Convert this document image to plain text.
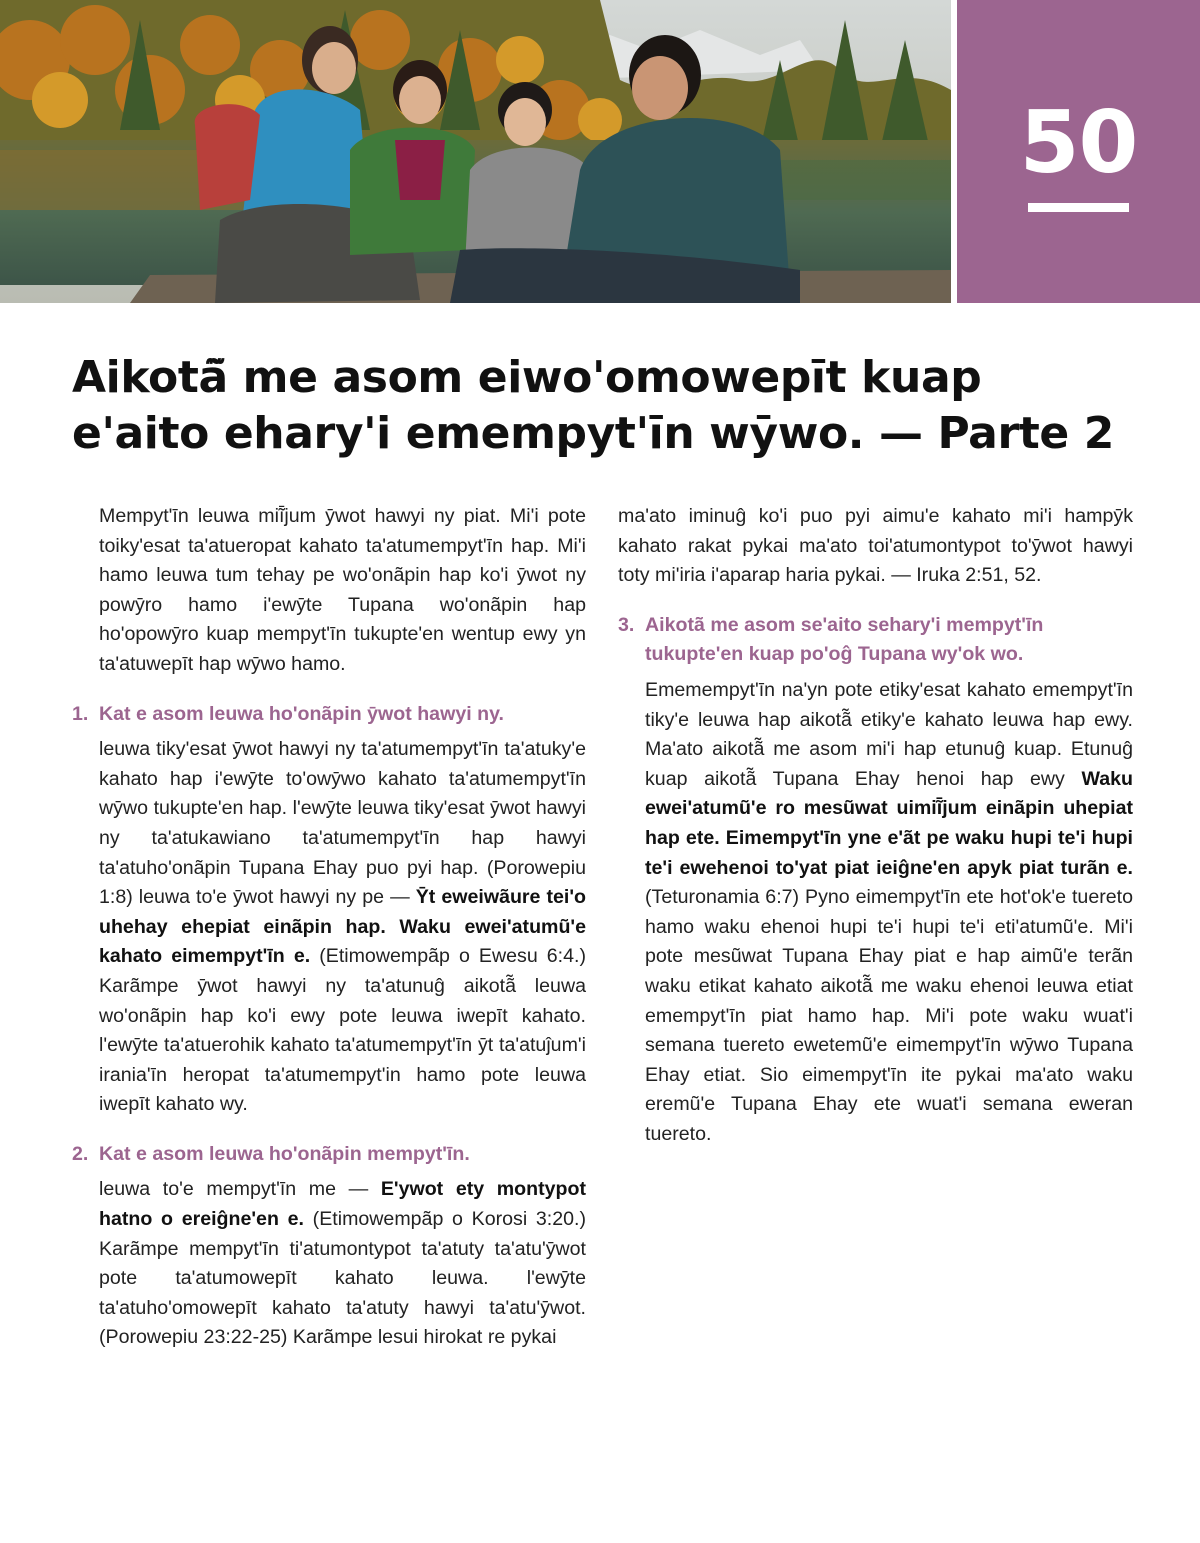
50
Aikotã̃ me asom eiwo'omowepīt kuap
e'aito ehary'i emempyt'īn wȳwo. — Parte 2

Mempyt'īn leuwa miĩ̄jum ȳwot hawyi ny piat. Mi'i pote toiky'esat ta'atueropat kahato ta'atumempyt'īn hap. Mi'i hamo leuwa tum tehay pe wo'onãpin hap ko'i ȳwot ny powȳro hamo i'ewȳte Tupana wo'onãpin hap ho'opowȳro kuap mempyt'īn tukupte'en wentup ewy yn ta'atuwepīt hap wȳwo hamo.

1. Kat e asom leuwa ho'onãpin ȳwot hawyi ny.

leuwa tiky'esat ȳwot hawyi ny ta'atumempyt'īn ta'atuky'e kahato hap i'ewȳte to'owȳwo kahato ta'atumempyt'īn wȳwo tukupte'en hap. l'ewȳte leuwa tiky'esat ȳwot hawyi ny ta'atukawiano ta'atumempyt'īn hap hawyi ta'atuho'onãpin Tupana Ehay puo pyi hap. (Porowepiu 1:8) leuwa to'e ȳwot hawyi ny pe — Ȳt eweiwãure tei'o uhehay ehepiat einãpin hap. Waku ewei'atumũ'e kahato eimempyt'īn e. (Etimowempãp o Ewesu 6:4.) Karãmpe ȳwot hawyi ny ta'atunuĝ aikotã̃ leuwa wo'onãpin hap ko'i ewy pote leuwa iwepīt kahato. l'ewȳte ta'atuerohik kahato ta'atumempyt'īn ȳt ta'atuĵum'i irania'īn heropat ta'atumempyt'in hamo pote leuwa iwepīt kahato wy.

2. Kat e asom leuwa ho'onãpin mempyt'īn.

leuwa to'e mempyt'īn me — E'ywot ety montypot hatno o ereiĝne'en e. (Etimowempãp o Korosi 3:20.) Karãmpe mempyt'īn ti'atumontypot ta'atuty ta'atu'ȳwot pote ta'atumowepīt kahato leuwa. l'ewȳte ta'atuho'omowepīt kahato ta'atuty hawyi ta'atu'ȳwot. (Porowepiu 23:22-25) Karãmpe lesui hirokat re pykai

ma'ato iminuĝ ko'i puo pyi aimu'e kahato mi'i hampȳk kahato rakat pykai ma'ato toi'atumontypot to'ȳwot hawyi toty mi'iria i'aparap haria pykai. — Iruka 2:51, 52.

3. Aikotã̃ me asom se'aito sehary'i mempyt'īn tukupte'en kuap po'oĝ Tupana wy'ok wo.

Ememempyt'īn na'yn pote etiky'esat kahato emempyt'īn tiky'e leuwa hap aikotã̃ etiky'e kahato leuwa hap ewy. Ma'ato aikotã̃ me asom mi'i hap etunuĝ kuap. Etunuĝ kuap aikotã̃ Tupana Ehay henoi hap ewy Waku ewei'atumũ'e ro mesũwat uimiĩ̄jum einãpin uhepiat hap ete. Eimempyt'īn yne e'ãt pe waku hupi te'i hupi te'i ewehenoi to'yat piat ieiĝne'en apyk piat turãn e. (Teturonamia 6:7) Pyno eimempyt'īn ete hot'ok'e tuereto hamo waku ehenoi hupi te'i hupi te'i eti'atumũ'e. Mi'i pote mesũwat Tupana Ehay piat e hap aimũ'e terãn waku etikat kahato aikotã̃ me waku ehenoi leuwa etiat emempyt'īn piat hamo hap. Mi'i pote waku wuat'i semana tuereto ewetemũ'e eimempyt'īn wȳwo Tupana Ehay etiat. Sio eimempyt'īn ite pykai ma'ato waku eremũ'e Tupana Ehay ete wuat'i semana eweran tuereto.
